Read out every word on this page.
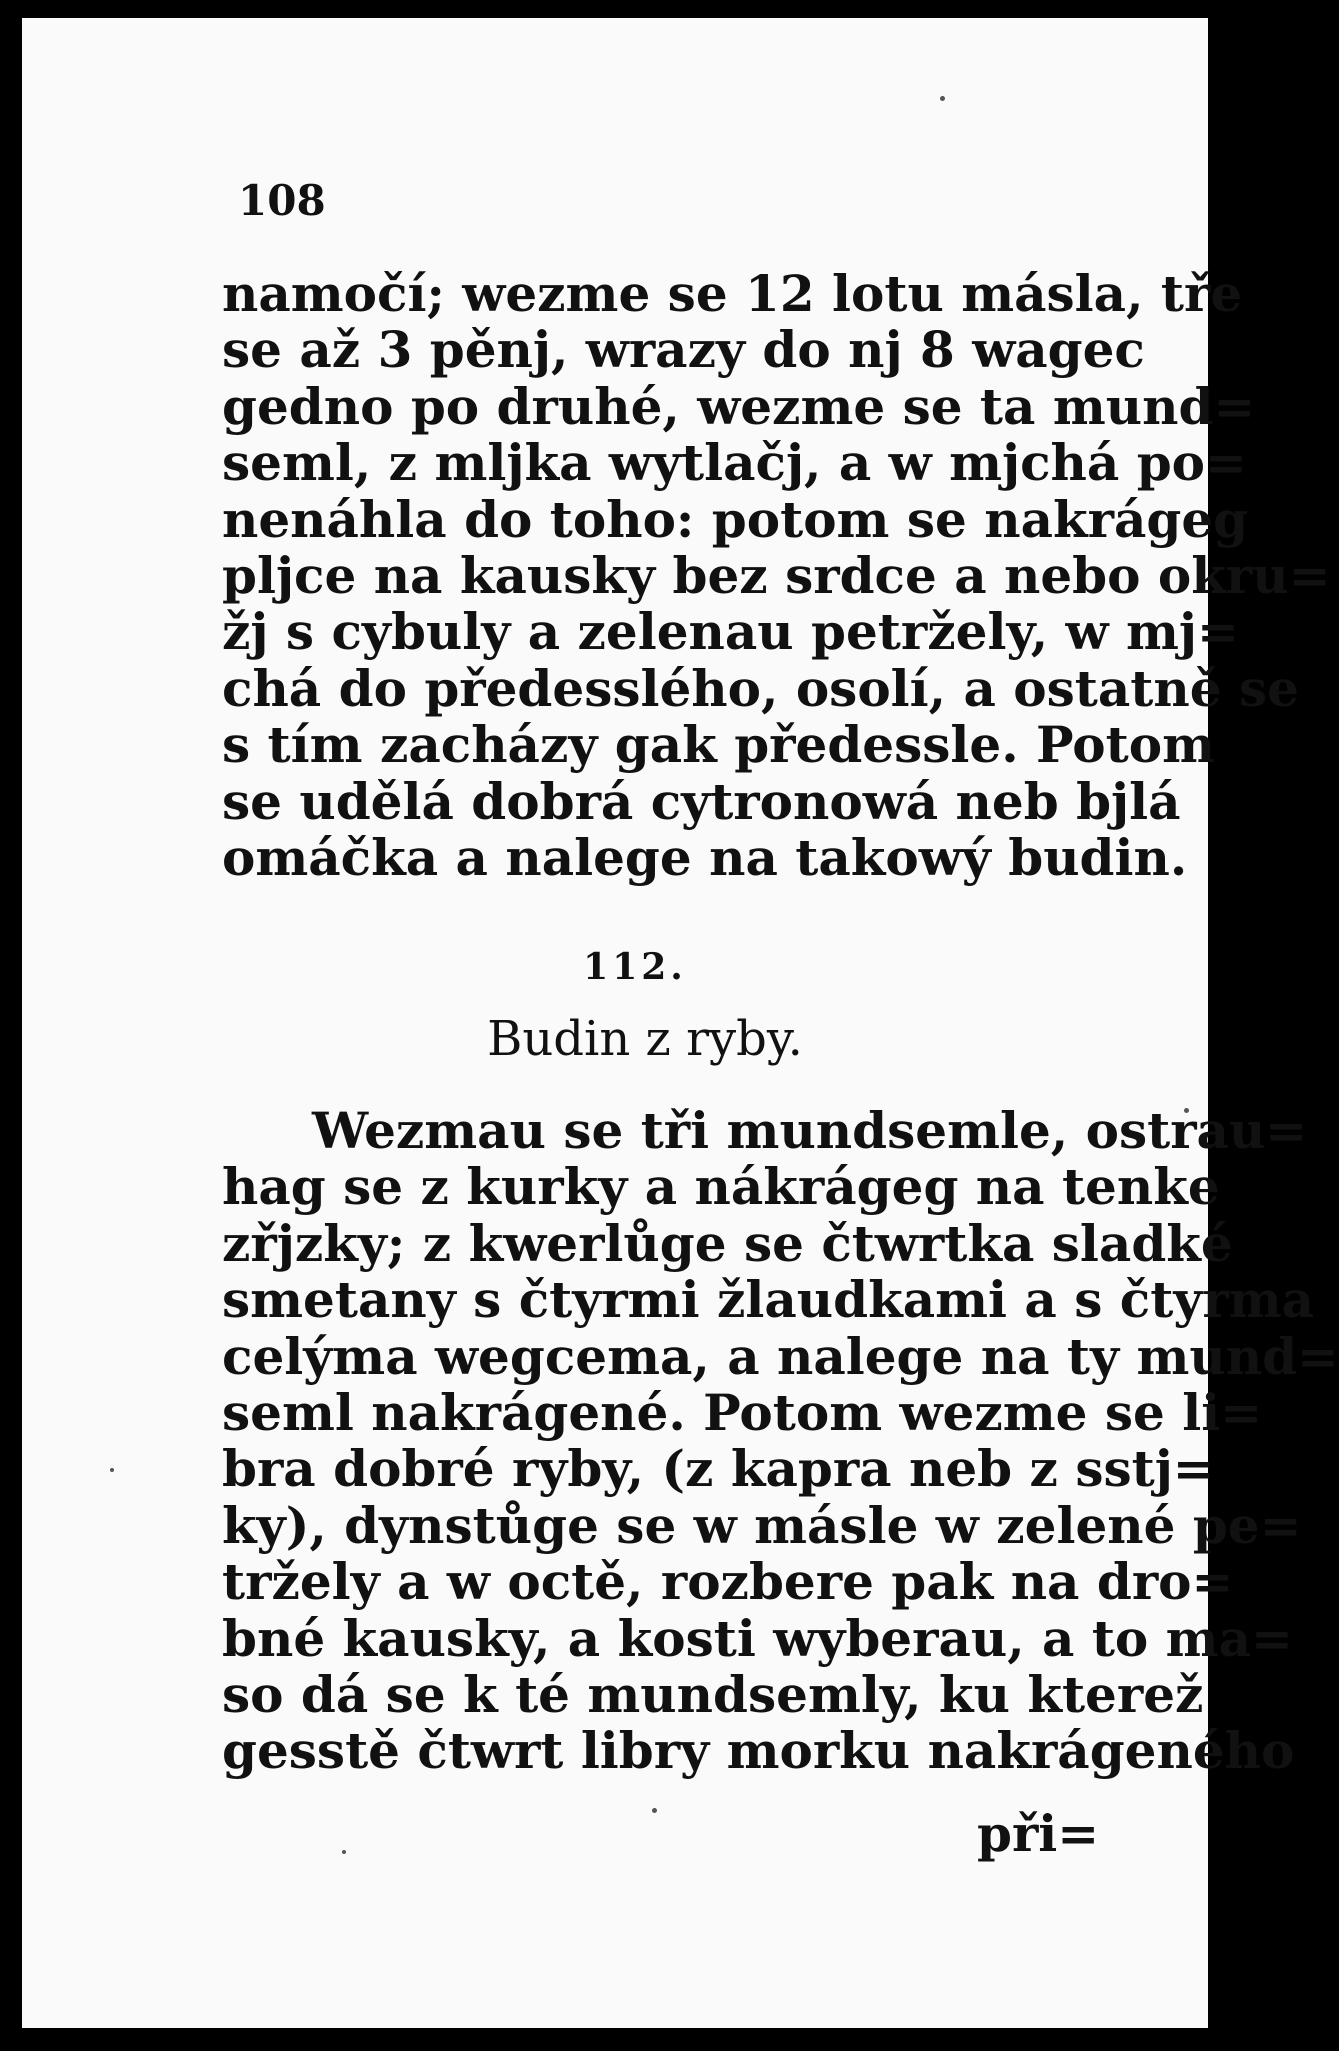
108
namočí; wezme se 12 lotu másla, tře
se až 3 pěnj, wrazy do nj 8 wagec
gedno po druhé, wezme se ta mund=
seml, z mljka wytlačj, a w mjchá po=
nenáhla do toho: potom se nakrágeg
pljce na kausky bez srdce a nebo okru=
žj s cybuly a zelenau petržely, w mj=
chá do předesslého, osolí, a ostatně se
s tím zacházy gak předessle. Potom
se udělá dobrá cytronowá neb bjlá
omáčka a nalege na takowý budin.
112.
Budin z ryby.
Wezmau se tři mundsemle, ostrau=
hag se z kurky a nákrágeg na tenke
zřjzky; z kwerlůge se čtwrtka sladké
smetany s čtyrmi žlaudkami a s čtyrma
celýma wegcema, a nalege na ty mund=
seml nakrágené. Potom wezme se li=
bra dobré ryby, (z kapra neb z sstj=
ky), dynstůge se w másle w zelené pe=
tržely a w octě, rozbere pak na dro=
bné kausky, a kosti wyberau, a to ma=
so dá se k té mundsemly, ku kterež
gesstě čtwrt libry morku nakrágeného
při=
